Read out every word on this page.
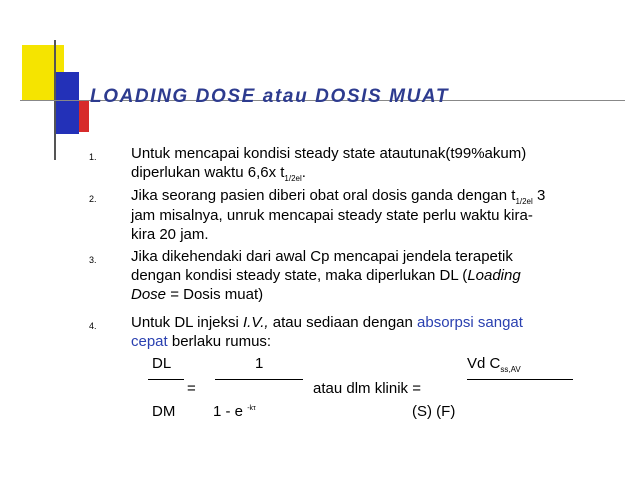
LOADING DOSE atau DOSIS MUAT
1. Untuk mencapai kondisi steady state atautunak(t99%akum)
diperlukan waktu 6,6x $t_{1/2el}$.
2. Jika seorang pasien diberi obat oral dosis ganda dengan $t_{1/2el}$ 3
jam misalnya, unruk mencapai steady state perlu waktu kira-
kira 20 jam.
3. Jika dikehendaki dari awal Cp mencapai jendela terapetik
dengan kondisi steady state, maka diperlukan DL (Loading
Dose = Dosis muat)
4. Untuk DL injeksi I.V., atau sediaan dengan absorpsi sangat
cepat berlaku rumus:
DL	1	Vd $C_{ss,AV}$
=	atau dlm klinik =
DM	1 - e $^{-k\tau}$	(S) (F)
